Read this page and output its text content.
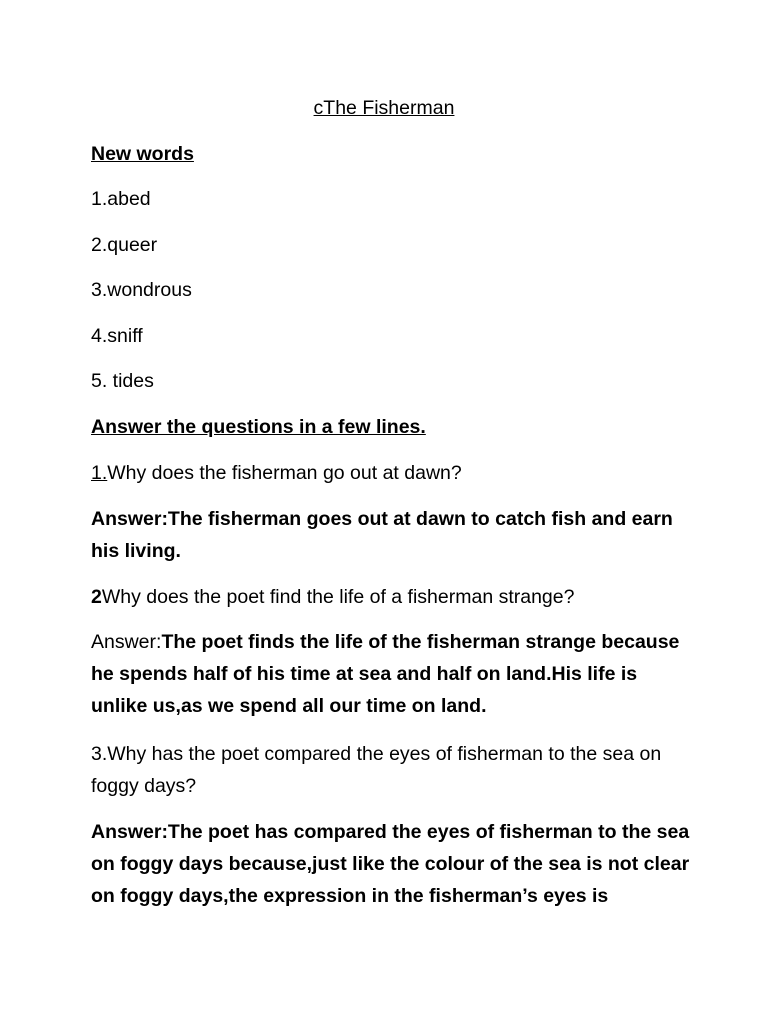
cThe Fisherman

New words

1.abed

2.queer

3.wondrous

4.sniff

5. tides

Answer the questions in a few lines.

1.Why does the fisherman go out at dawn?

Answer:The fisherman goes out at dawn to catch fish and earn his living.

2Why does the poet find the life of a fisherman strange?

Answer:The poet finds the life of the fisherman strange because he spends half of his time at sea and half on land.His life is unlike us,as we spend all our time on land.

3.Why has the poet compared the eyes of fisherman to the sea on foggy days?

Answer:The poet has compared the eyes of fisherman to the sea on foggy days because,just like the colour of the sea is not clear on foggy days,the expression in the fisherman’s eyes is
